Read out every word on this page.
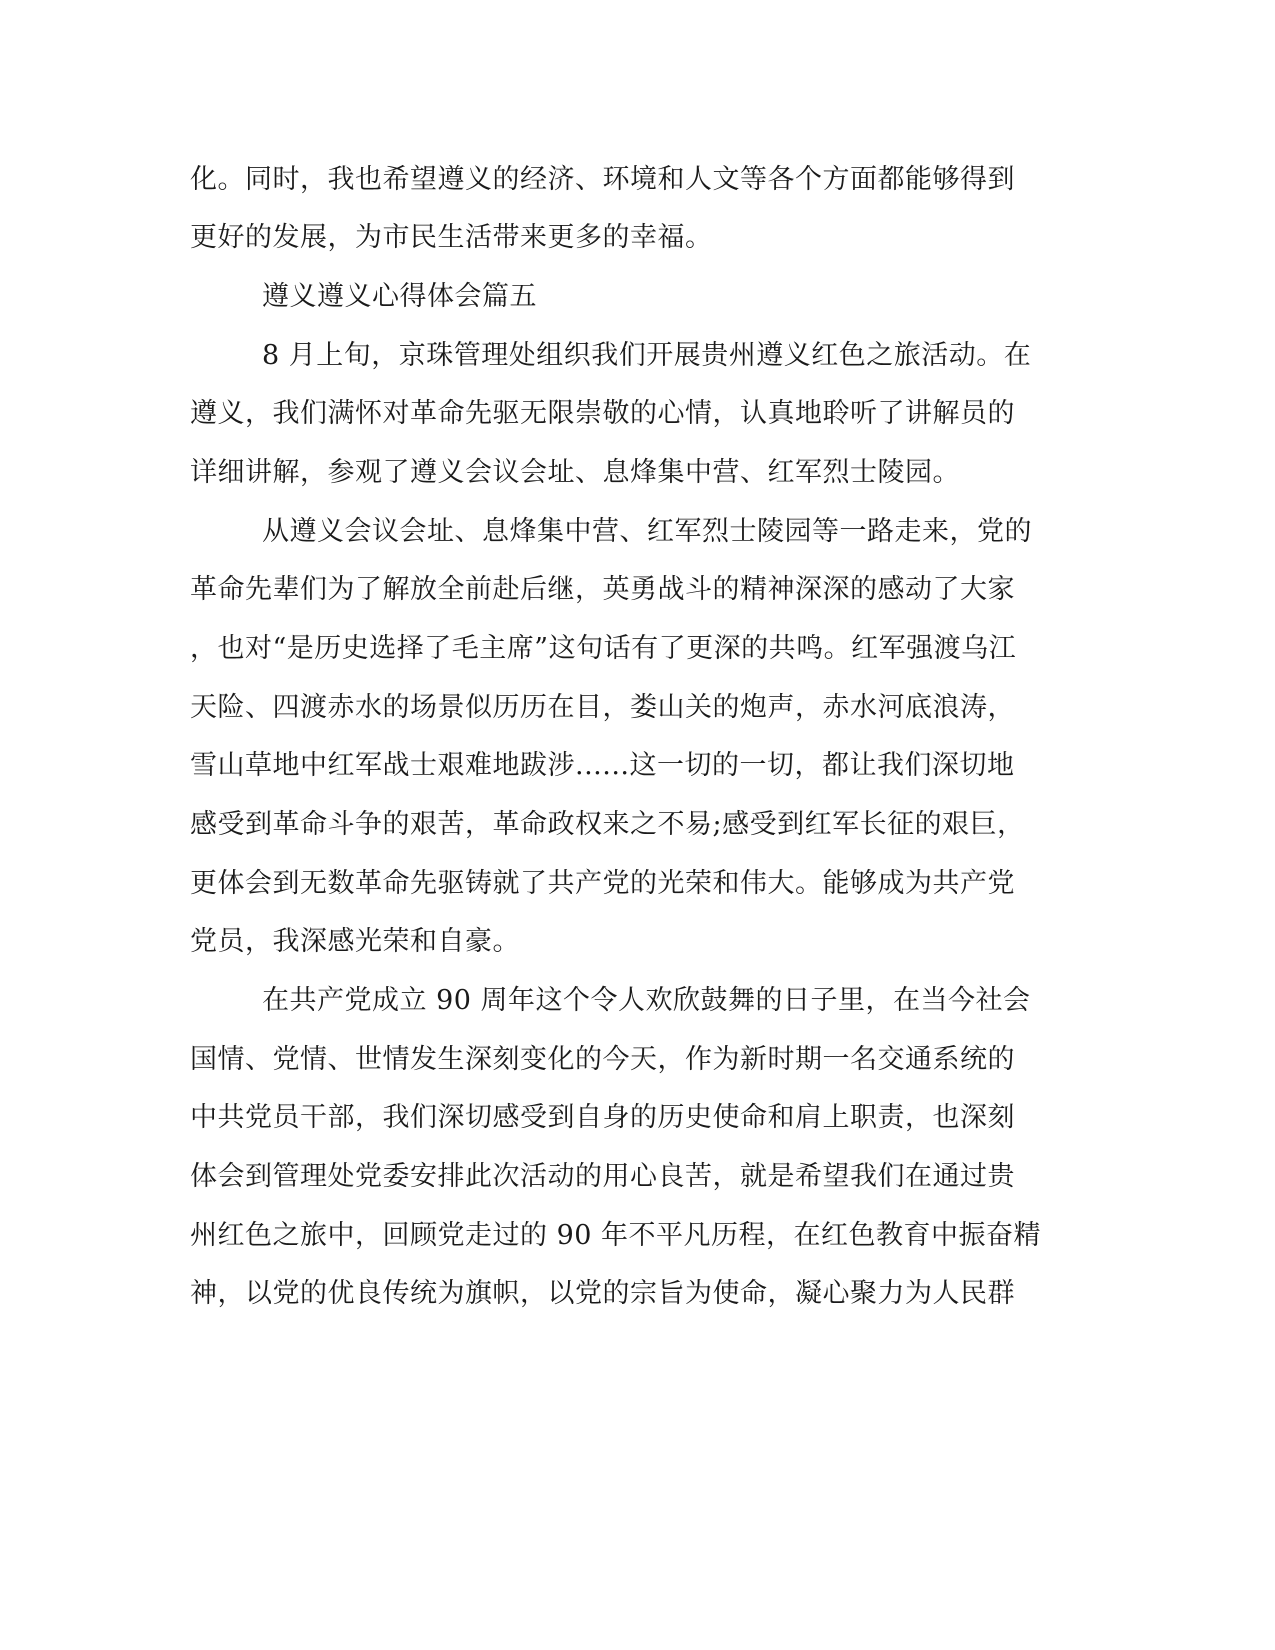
化。同时，我也希望遵义的经济、环境和人文等各个方面都能够得到
更好的发展，为市民生活带来更多的幸福。
遵义遵义心得体会篇五
8 月上旬，京珠管理处组织我们开展贵州遵义红色之旅活动。在
遵义，我们满怀对革命先驱无限崇敬的心情，认真地聆听了讲解员的
详细讲解，参观了遵义会议会址、息烽集中营、红军烈士陵园。
从遵义会议会址、息烽集中营、红军烈士陵园等一路走来，党的
革命先辈们为了解放全前赴后继，英勇战斗的精神深深的感动了大家
，也对“是历史选择了毛主席”这句话有了更深的共鸣。红军强渡乌江
天险、四渡赤水的场景似历历在目，娄山关的炮声，赤水河底浪涛，
雪山草地中红军战士艰难地跋涉......这一切的一切，都让我们深切地
感受到革命斗争的艰苦，革命政权来之不易;感受到红军长征的艰巨，
更体会到无数革命先驱铸就了共产党的光荣和伟大。能够成为共产党
党员，我深感光荣和自豪。
在共产党成立 90 周年这个令人欢欣鼓舞的日子里，在当今社会
国情、党情、世情发生深刻变化的今天，作为新时期一名交通系统的
中共党员干部，我们深切感受到自身的历史使命和肩上职责，也深刻
体会到管理处党委安排此次活动的用心良苦，就是希望我们在通过贵
州红色之旅中，回顾党走过的 90 年不平凡历程，在红色教育中振奋精
神，以党的优良传统为旗帜，以党的宗旨为使命，凝心聚力为人民群
